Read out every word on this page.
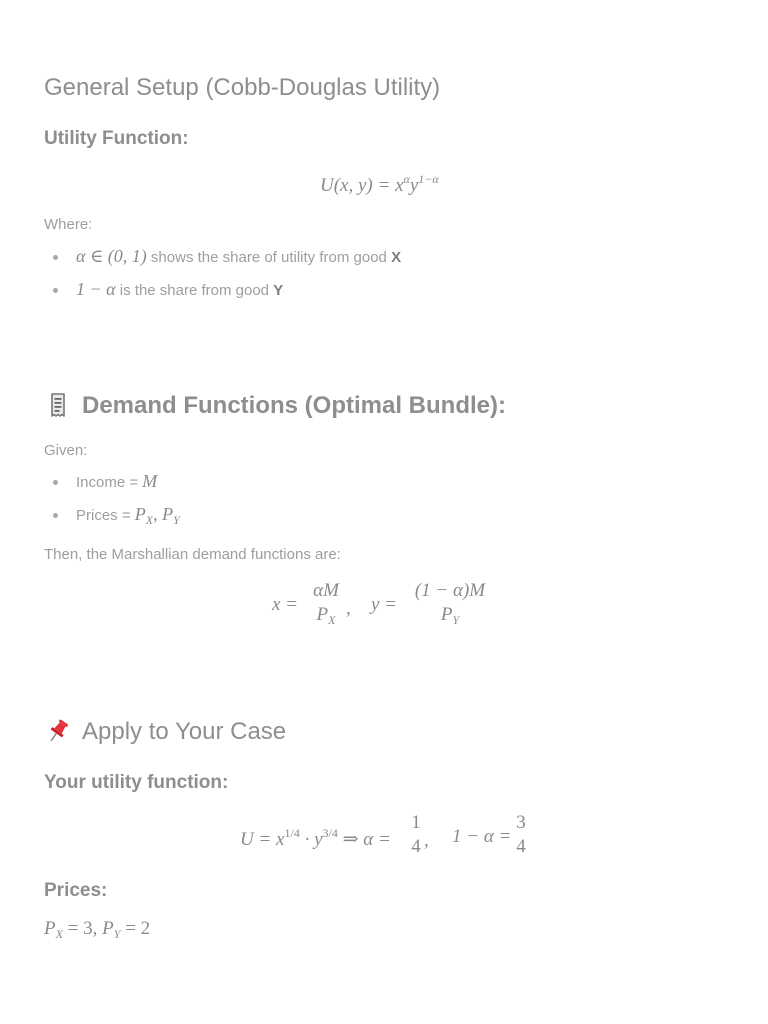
General Setup (Cobb-Douglas Utility)
Utility Function:
U(x, $y) = x^\alpha y^{1-\alpha}$
Where:
α ∈ (0, 1) shows the share of utility from good X
1 − α is the share from good Y
Demand Functions (Optimal Bundle):
Given:
Income = M
Prices = $P_X$, $P_Y$
Then, the Marshallian demand functions are:
x =
αM
$P_X$
, y =
(1 − α)M
$P_Y$
Apply to Your Case
Your utility function:
$U = x^{1/4} \cdot y^{3/4}$ ⇒ α =
1
4 , 1 − α =
3
4
Prices:
$P_X = 3$, $P_Y = 2$
